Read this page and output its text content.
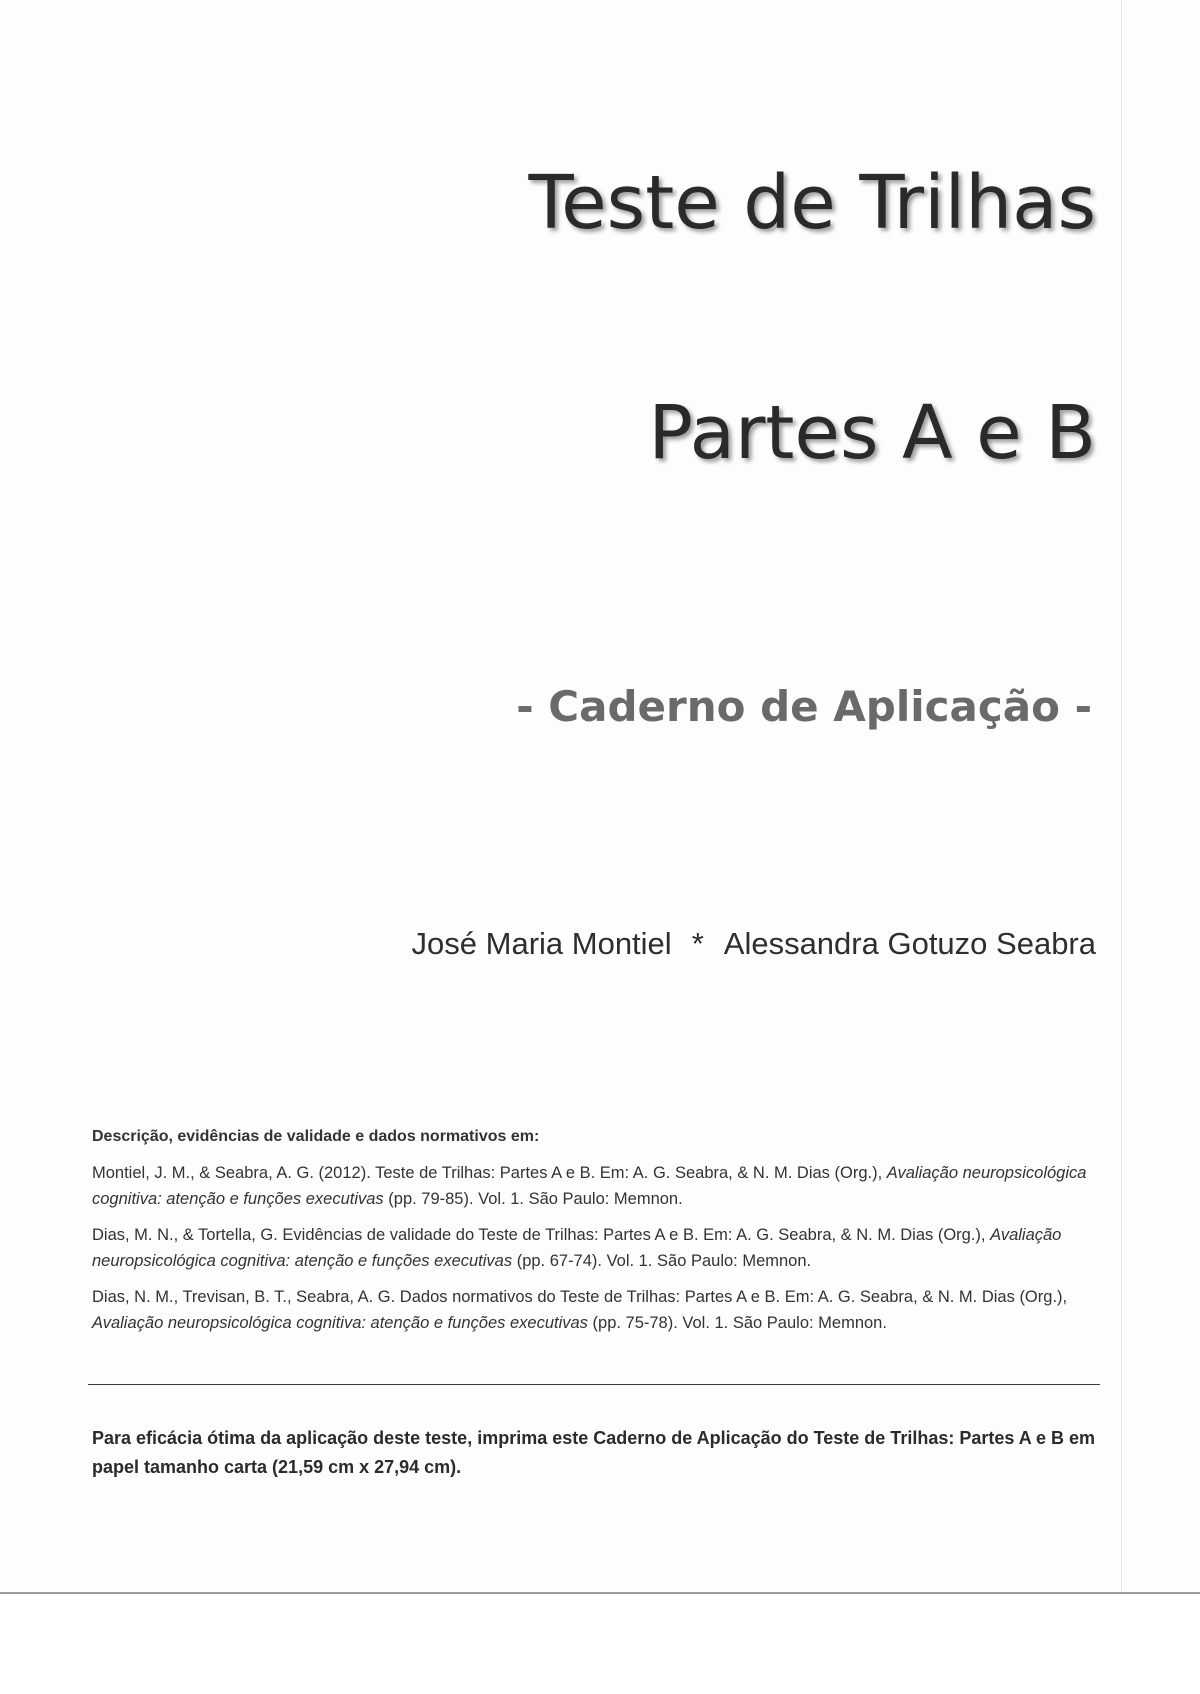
Teste de Trilhas
Partes A e B
- Caderno de Aplicação -
José Maria Montiel * Alessandra Gotuzo Seabra
Descrição, evidências de validade e dados normativos em:
Montiel, J. M., & Seabra, A. G. (2012). Teste de Trilhas: Partes A e B. Em: A. G. Seabra, & N. M. Dias (Org.), Avaliação neuropsicológica cognitiva: atenção e funções executivas (pp. 79-85). Vol. 1. São Paulo: Memnon.
Dias, M. N., & Tortella, G. Evidências de validade do Teste de Trilhas: Partes A e B. Em: A. G. Seabra, & N. M. Dias (Org.), Avaliação neuropsicológica cognitiva: atenção e funções executivas (pp. 67-74). Vol. 1. São Paulo: Memnon.
Dias, N. M., Trevisan, B. T., Seabra, A. G. Dados normativos do Teste de Trilhas: Partes A e B. Em: A. G. Seabra, & N. M. Dias (Org.), Avaliação neuropsicológica cognitiva: atenção e funções executivas (pp. 75-78). Vol. 1. São Paulo: Memnon.
Para eficácia ótima da aplicação deste teste, imprima este Caderno de Aplicação do Teste de Trilhas: Partes A e B em papel tamanho carta (21,59 cm x 27,94 cm).
